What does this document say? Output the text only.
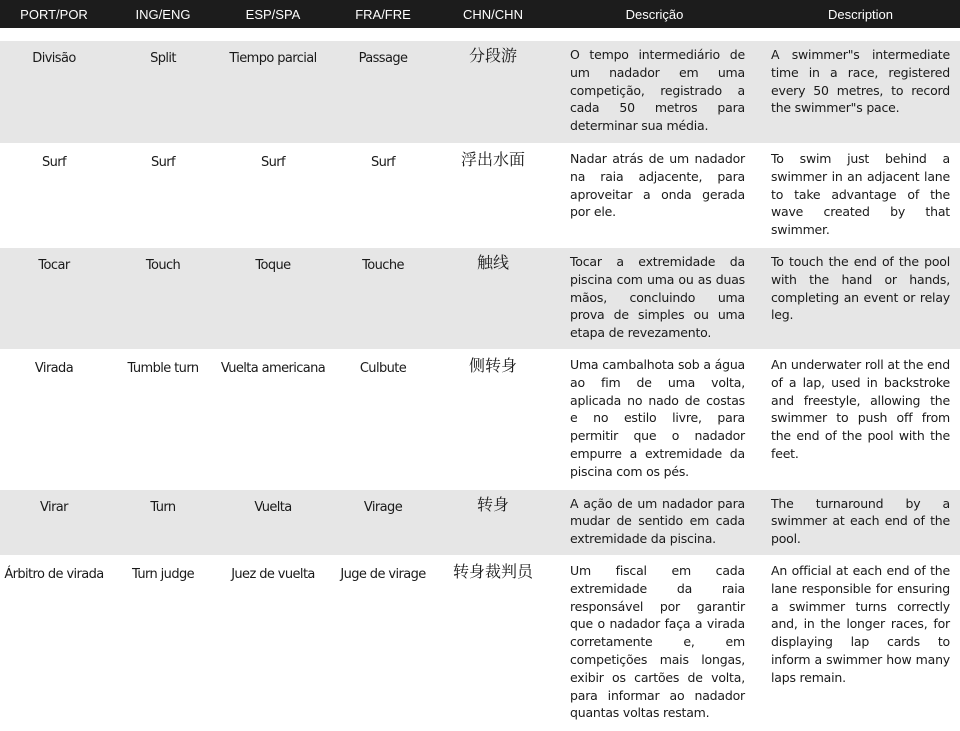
PORT/POR	ING/ENG	ESP/SPA	FRA/FRE	CHN/CHN	Descrição	Description

Divisão	Split	Tiempo parcial	Passage	分段游	O tempo intermediário de um nadador em uma competição, registrado a cada 50 metros para determinar sua média.	A swimmer"s intermediate time in a race, registered every 50 metres, to record the swimmer"s pace.

Surf	Surf	Surf	Surf	浮出水面	Nadar atrás de um nadador na raia adjacente, para aproveitar a onda gerada por ele.	To swim just behind a swimmer in an adjacent lane to take advantage of the wave created by that swimmer.

Tocar	Touch	Toque	Touche	触线	Tocar a extremidade da piscina com uma ou as duas mãos, concluindo uma prova de simples ou uma etapa de revezamento.	To touch the end of the pool with the hand or hands, completing an event or relay leg.

Virada	Tumble turn	Vuelta americana	Culbute	侧转身	Uma cambalhota sob a água ao fim de uma volta, aplicada no nado de costas e no estilo livre, para permitir que o nadador empurre a extremidade da piscina com os pés.	An underwater roll at the end of a lap, used in backstroke and freestyle, allowing the swimmer to push off from the end of the pool with the feet.

Virar	Turn	Vuelta	Virage	转身	A ação de um nadador para mudar de sentido em cada extremidade da piscina.	The turnaround by a swimmer at each end of the pool.

Árbitro de virada	Turn judge	Juez de vuelta	Juge de virage	转身裁判员	Um fiscal em cada extremidade da raia responsável por garantir que o nadador faça a virada corretamente e, em competições mais longas, exibir os cartões de volta, para informar ao nadador quantas voltas restam.	An official at each end of the lane responsible for ensuring a swimmer turns correctly and, in the longer races, for displaying lap cards to inform a swimmer how many laps remain.
